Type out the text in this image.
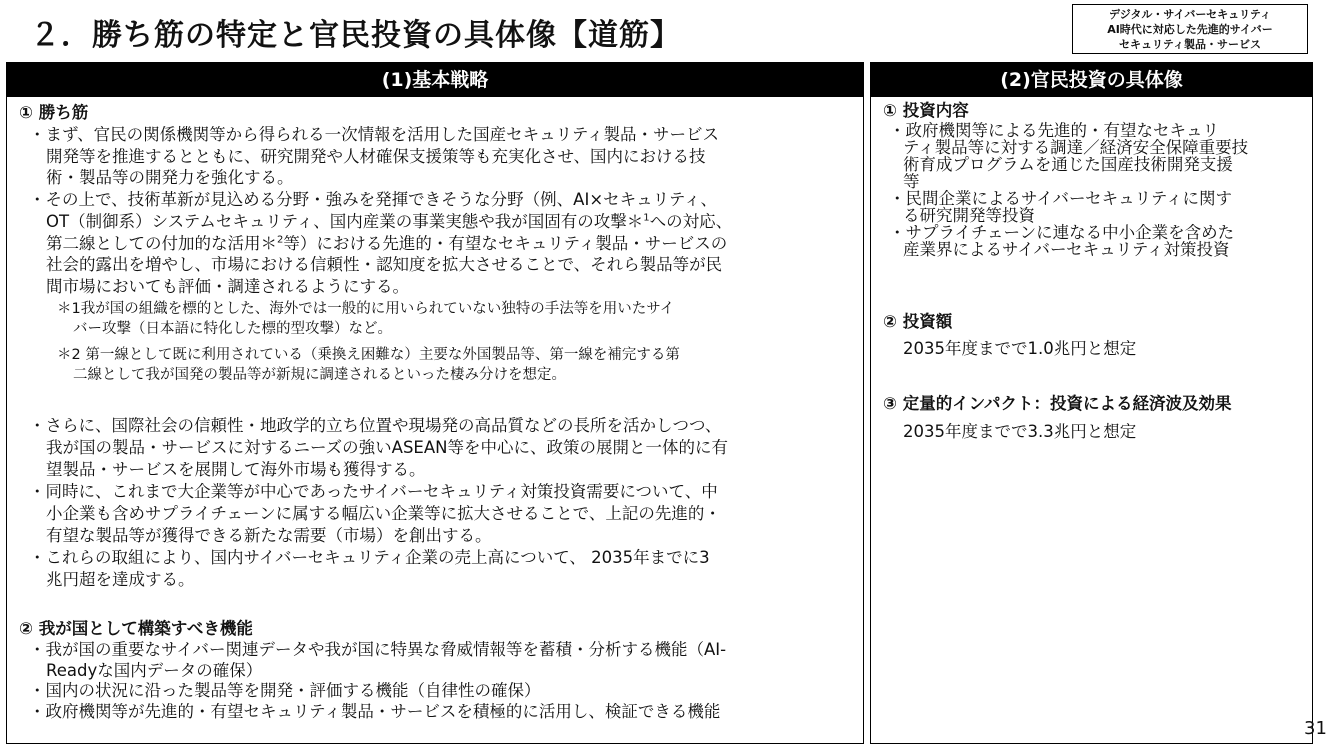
２．勝ち筋の特定と官民投資の具体像【道筋】
デジタル・サイバーセキュリティ
AI時代に対応した先進的サイバー
セキュリティ製品・サービス
(1)基本戦略
① 勝ち筋
・まず、官民の関係機関等から得られる一次情報を活用した国産セキュリティ製品・サービス
開発等を推進するとともに、研究開発や人材確保支援策等も充実化させ、国内における技
術・製品等の開発力を強化する。
・その上で、技術革新が見込める分野・強みを発揮できそうな分野（例、AI×セキュリティ、
OT（制御系）システムセキュリティ、国内産業の事業実態や我が国固有の攻撃＊$^1$への対応、
第二線としての付加的な活用＊$^2$等）における先進的・有望なセキュリティ製品・サービスの
社会的露出を増やし、市場における信頼性・認知度を拡大させることで、それら製品等が民
間市場においても評価・調達されるようにする。
＊1我が国の組織を標的とした、海外では一般的に用いられていない独特の手法等を用いたサイ
バー攻撃（日本語に特化した標的型攻撃）など。
＊2 第一線として既に利用されている（乗換え困難な）主要な外国製品等、第一線を補完する第
二線として我が国発の製品等が新規に調達されるといった棲み分けを想定。
・さらに、国際社会の信頼性・地政学的立ち位置や現場発の高品質などの長所を活かしつつ、
我が国の製品・サービスに対するニーズの強いASEAN等を中心に、政策の展開と一体的に有
望製品・サービスを展開して海外市場も獲得する。
・同時に、これまで大企業等が中心であったサイバーセキュリティ対策投資需要について、中
小企業も含めサプライチェーンに属する幅広い企業等に拡大させることで、上記の先進的・
有望な製品等が獲得できる新たな需要（市場）を創出する。
・これらの取組により、国内サイバーセキュリティ企業の売上高について、 2035年までに3
兆円超を達成する。
② 我が国として構築すべき機能
・我が国の重要なサイバー関連データや我が国に特異な脅威情報等を蓄積・分析する機能（AI-
Readyな国内データの確保）
・国内の状況に沿った製品等を開発・評価する機能（自律性の確保）
・政府機関等が先進的・有望セキュリティ製品・サービスを積極的に活用し、検証できる機能
(2)官民投資の具体像
① 投資内容
・政府機関等による先進的・有望なセキュリ
ティ製品等に対する調達／経済安全保障重要技
術育成プログラムを通じた国産技術開発支援
等
・民間企業によるサイバーセキュリティに関す
る研究開発等投資
・サプライチェーンに連なる中小企業を含めた
産業界によるサイバーセキュリティ対策投資
② 投資額
2035年度までで1.0兆円と想定
③ 定量的インパクト：投資による経済波及効果
2035年度までで3.3兆円と想定
31
